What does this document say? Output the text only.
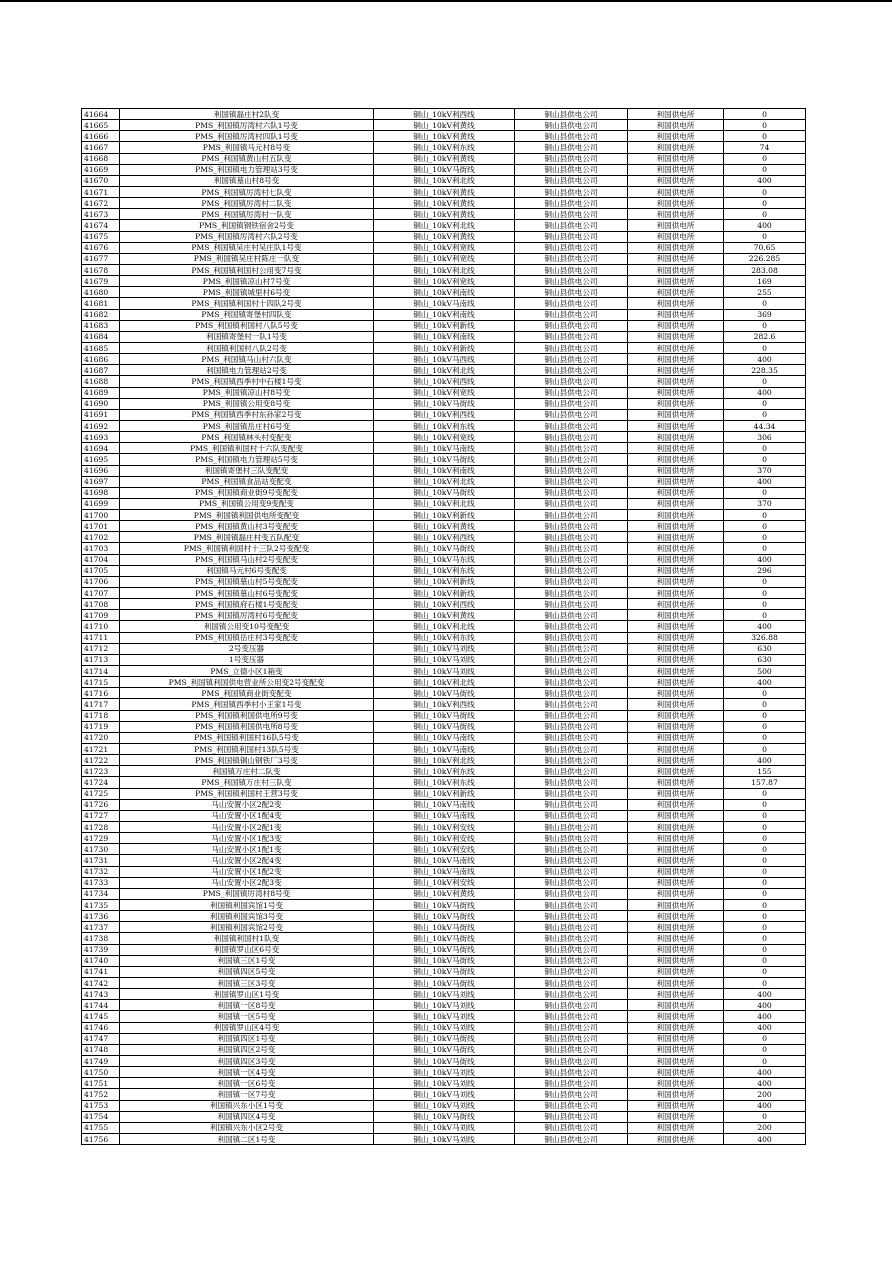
41664	利国镇磊庄村2队变	铜山_10kV利西线	铜山县供电公司	利国供电所	0
41665	PMS_利国镇厉湾村六队1号变	铜山_10kV利黄线	铜山县供电公司	利国供电所	0
41666	PMS_利国镇厉湾村四队1号变	铜山_10kV利黄线	铜山县供电公司	利国供电所	0
41667	PMS_利国镇马元村8号变	铜山_10kV利东线	铜山县供电公司	利国供电所	74
41668	PMS_利国镇黄山村五队变	铜山_10kV利黄线	铜山县供电公司	利国供电所	0
41669	PMS_利国镇电力管理站3号变	铜山_10kV马街线	铜山县供电公司	利国供电所	0
41670	利国镇墓山村8号变	铜山_10kV利北线	铜山县供电公司	利国供电所	400
41671	PMS_利国镇厉湾村七队变	铜山_10kV利黄线	铜山县供电公司	利国供电所	0
41672	PMS_利国镇厉湾村二队变	铜山_10kV利黄线	铜山县供电公司	利国供电所	0
41673	PMS_利国镇厉湾村一队变	铜山_10kV利黄线	铜山县供电公司	利国供电所	0
41674	PMS_利国镇钢铁宿舍2号变	铜山_10kV利北线	铜山县供电公司	利国供电所	400
41675	PMS_利国镇厉湾村六队2号变	铜山_10kV利黄线	铜山县供电公司	利国供电所	0
41676	PMS_利国镇吴庄村吴庄队1号变	铜山_10kV利宽线	铜山县供电公司	利国供电所	70.65
41677	PMS_利国镇吴庄村陈庄一队变	铜山_10kV利宽线	铜山县供电公司	利国供电所	226.285
41678	PMS_利国镇利国村公用变7号变	铜山_10kV利北线	铜山县供电公司	利国供电所	283.08
41679	PMS_利国镇凉山村7号变	铜山_10kV利宽线	铜山县供电公司	利国供电所	169
41680	PMS_利国镇城里村6号变	铜山_10kV利南线	铜山县供电公司	利国供电所	255
41681	PMS_利国镇利国村十四队2号变	铜山_10kV马南线	铜山县供电公司	利国供电所	0
41682	PMS_利国镇寄堡村四队变	铜山_10kV利南线	铜山县供电公司	利国供电所	369
41683	PMS_利国镇利国村八队5号变	铜山_10kV利新线	铜山县供电公司	利国供电所	0
41684	利国镇寄堡村一队1号变	铜山_10kV利南线	铜山县供电公司	利国供电所	282.6
41685	利国镇利国村八队2号变	铜山_10kV利新线	铜山县供电公司	利国供电所	0
41686	PMS_利国镇马山村六队变	铜山_10kV马西线	铜山县供电公司	利国供电所	400
41687	利国镇电力管理站2号变	铜山_10kV利北线	铜山县供电公司	利国供电所	228.35
41688	PMS_利国镇西季村中石楼1号变	铜山_10kV利西线	铜山县供电公司	利国供电所	0
41689	PMS_利国镇凉山村8号变	铜山_10kV利宽线	铜山县供电公司	利国供电所	400
41690	PMS_利国镇公用变8号变	铜山_10kV马街线	铜山县供电公司	利国供电所	0
41691	PMS_利国镇西季村东孙家2号变	铜山_10kV利西线	铜山县供电公司	利国供电所	0
41692	PMS_利国镇岳庄村6号变	铜山_10kV利东线	铜山县供电公司	利国供电所	44.34
41693	PMS_利国镇林头村变配变	铜山_10kV利宽线	铜山县供电公司	利国供电所	306
41694	PMS_利国镇利国村十六队变配变	铜山_10kV马南线	铜山县供电公司	利国供电所	0
41695	PMS_利国镇电力管理站5号变	铜山_10kV马街线	铜山县供电公司	利国供电所	0
41696	利国镇寄堡村三队变配变	铜山_10kV利南线	铜山县供电公司	利国供电所	370
41697	PMS_利国镇食品站变配变	铜山_10kV利北线	铜山县供电公司	利国供电所	400
41698	PMS_利国镇商业街9号变配变	铜山_10kV马街线	铜山县供电公司	利国供电所	0
41699	PMS_利国镇公用变9变配变	铜山_10kV利北线	铜山县供电公司	利国供电所	370
41700	PMS_利国镇利国供电所变配变	铜山_10kV利新线	铜山县供电公司	利国供电所	0
41701	PMS_利国镇黄山村3号变配变	铜山_10kV利黄线	铜山县供电公司	利国供电所	0
41702	PMS_利国镇磊庄村变五队配变	铜山_10kV利西线	铜山县供电公司	利国供电所	0
41703	PMS_利国镇利国村十三队2号变配变	铜山_10kV马街线	铜山县供电公司	利国供电所	0
41704	PMS_利国镇马山村2号变配变	铜山_10kV马东线	铜山县供电公司	利国供电所	400
41705	利国镇马元村6号变配变	铜山_10kV利东线	铜山县供电公司	利国供电所	296
41706	PMS_利国镇墓山村5号变配变	铜山_10kV利新线	铜山县供电公司	利国供电所	0
41707	PMS_利国镇墓山村6号变配变	铜山_10kV利新线	铜山县供电公司	利国供电所	0
41708	PMS_利国镇府石楼1号变配变	铜山_10kV利西线	铜山县供电公司	利国供电所	0
41709	PMS_利国镇厉湾村6号变配变	铜山_10kV利黄线	铜山县供电公司	利国供电所	0
41710	利国镇公用变10号变配变	铜山_10kV利北线	铜山县供电公司	利国供电所	400
41711	PMS_利国镇岳庄村3号变配变	铜山_10kV利东线	铜山县供电公司	利国供电所	326.88
41712	2号变压器	铜山_10kV马刘线	铜山县供电公司	利国供电所	630
41713	1号变压器	铜山_10kV马刘线	铜山县供电公司	利国供电所	630
41714	PMS_立德小区1箱变	铜山_10kV马刘线	铜山县供电公司	利国供电所	500
41715	PMS_利国镇利国供电营业所公用变2号变配变	铜山_10kV利北线	铜山县供电公司	利国供电所	400
41716	PMS_利国镇商业街变配变	铜山_10kV马街线	铜山县供电公司	利国供电所	0
41717	PMS_利国镇西季村小王家1号变	铜山_10kV利西线	铜山县供电公司	利国供电所	0
41718	PMS_利国镇利国供电所9号变	铜山_10kV马街线	铜山县供电公司	利国供电所	0
41719	PMS_利国镇利国供电所8号变	铜山_10kV马街线	铜山县供电公司	利国供电所	0
41720	PMS_利国镇利国村16队5号变	铜山_10kV马南线	铜山县供电公司	利国供电所	0
41721	PMS_利国镇利国村13队5号变	铜山_10kV马南线	铜山县供电公司	利国供电所	0
41722	PMS_利国镇铜山钢铁厂3号变	铜山_10kV利北线	铜山县供电公司	利国供电所	400
41723	利国镇万庄村二队变	铜山_10kV利东线	铜山县供电公司	利国供电所	155
41724	PMS_利国镇万庄村三队变	铜山_10kV利东线	铜山县供电公司	利国供电所	157.87
41725	PMS_利国镇利国村王营3号变	铜山_10kV利新线	铜山县供电公司	利国供电所	0
41726	马山安置小区2配2变	铜山_10kV马南线	铜山县供电公司	利国供电所	0
41727	马山安置小区1配4变	铜山_10kV马南线	铜山县供电公司	利国供电所	0
41728	马山安置小区2配1变	铜山_10kV利安线	铜山县供电公司	利国供电所	0
41729	马山安置小区1配3变	铜山_10kV利安线	铜山县供电公司	利国供电所	0
41730	马山安置小区1配1变	铜山_10kV利安线	铜山县供电公司	利国供电所	0
41731	马山安置小区2配4变	铜山_10kV马南线	铜山县供电公司	利国供电所	0
41732	马山安置小区1配2变	铜山_10kV马南线	铜山县供电公司	利国供电所	0
41733	马山安置小区2配3变	铜山_10kV利安线	铜山县供电公司	利国供电所	0
41734	PMS_利国镇厉湾村8号变	铜山_10kV利黄线	铜山县供电公司	利国供电所	0
41735	利国镇利国宾馆1号变	铜山_10kV马街线	铜山县供电公司	利国供电所	0
41736	利国镇利国宾馆3号变	铜山_10kV马街线	铜山县供电公司	利国供电所	0
41737	利国镇利国宾馆2号变	铜山_10kV马街线	铜山县供电公司	利国供电所	0
41738	利国镇利国村1队变	铜山_10kV马街线	铜山县供电公司	利国供电所	0
41739	利国镇罗山区6号变	铜山_10kV马街线	铜山县供电公司	利国供电所	0
41740	利国镇三区1号变	铜山_10kV马街线	铜山县供电公司	利国供电所	0
41741	利国镇四区5号变	铜山_10kV马街线	铜山县供电公司	利国供电所	0
41742	利国镇三区3号变	铜山_10kV马街线	铜山县供电公司	利国供电所	0
41743	利国镇罗山区1号变	铜山_10kV马刘线	铜山县供电公司	利国供电所	400
41744	利国镇一区8号变	铜山_10kV马刘线	铜山县供电公司	利国供电所	400
41745	利国镇一区5号变	铜山_10kV马刘线	铜山县供电公司	利国供电所	400
41746	利国镇罗山区4号变	铜山_10kV马刘线	铜山县供电公司	利国供电所	400
41747	利国镇四区1号变	铜山_10kV马街线	铜山县供电公司	利国供电所	0
41748	利国镇四区2号变	铜山_10kV马街线	铜山县供电公司	利国供电所	0
41749	利国镇四区3号变	铜山_10kV马街线	铜山县供电公司	利国供电所	0
41750	利国镇一区4号变	铜山_10kV马刘线	铜山县供电公司	利国供电所	400
41751	利国镇一区6号变	铜山_10kV马刘线	铜山县供电公司	利国供电所	400
41752	利国镇一区7号变	铜山_10kV马刘线	铜山县供电公司	利国供电所	200
41753	利国镇兴东小区1号变	铜山_10kV马刘线	铜山县供电公司	利国供电所	400
41754	利国镇四区4号变	铜山_10kV马街线	铜山县供电公司	利国供电所	0
41755	利国镇兴东小区2号变	铜山_10kV马刘线	铜山县供电公司	利国供电所	200
41756	利国镇二区1号变	铜山_10kV马刘线	铜山县供电公司	利国供电所	400
